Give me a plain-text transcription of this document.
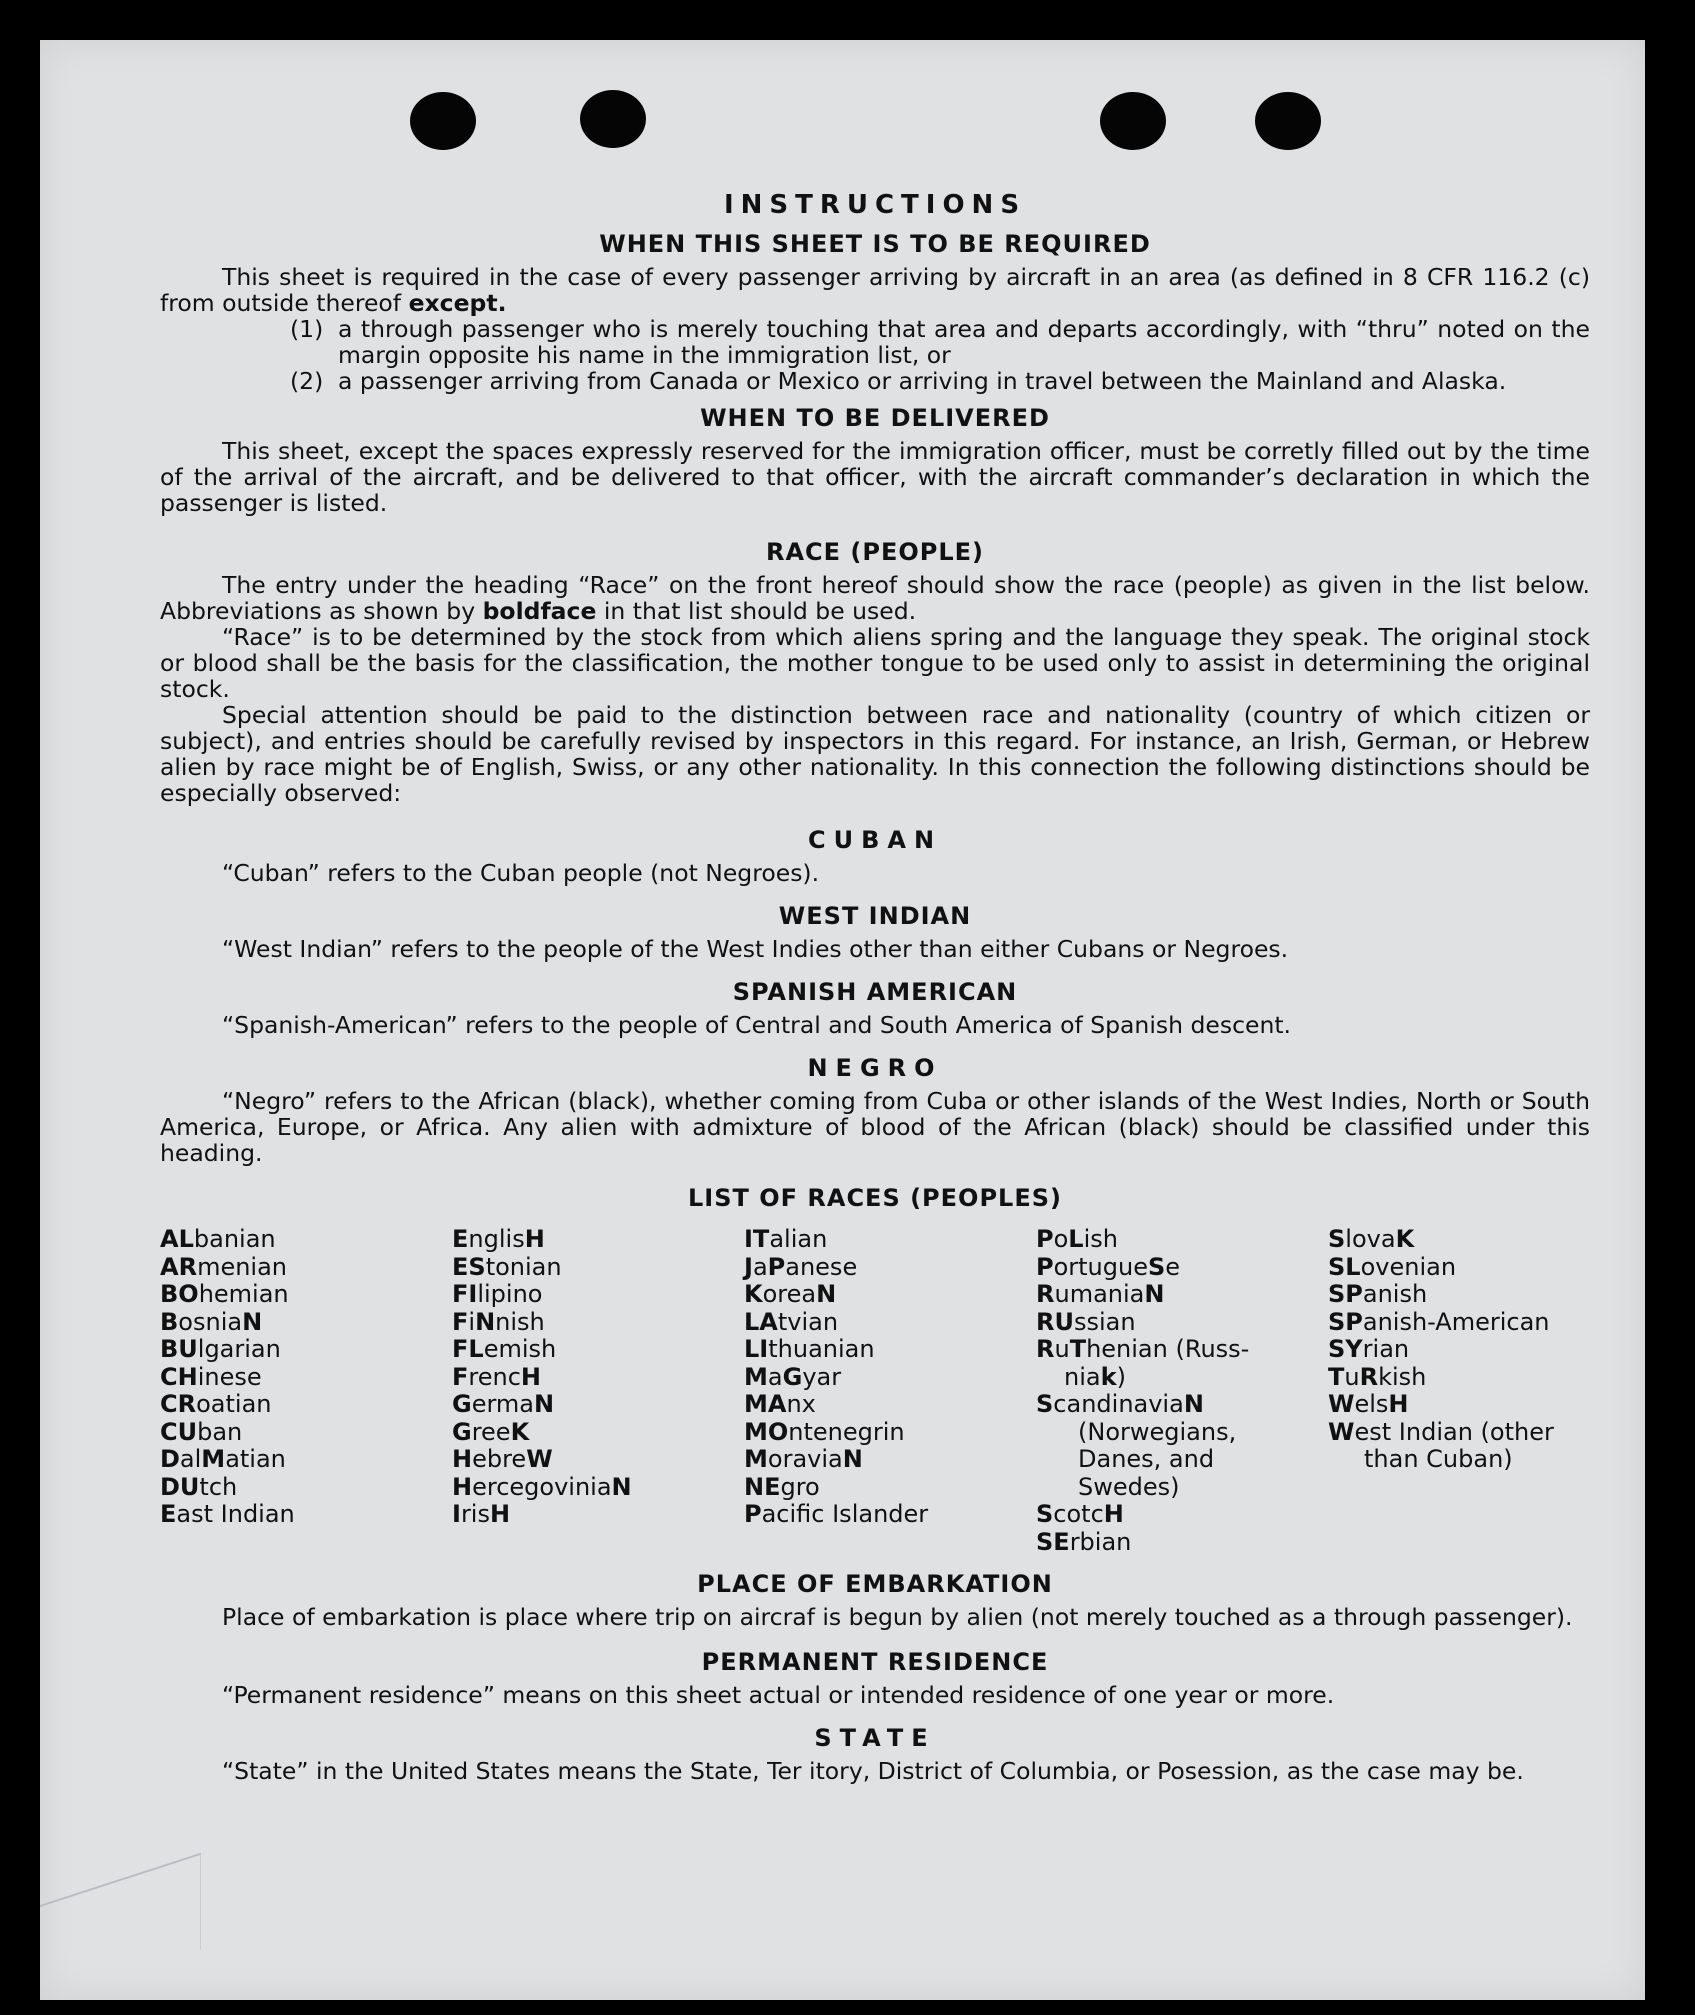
INSTRUCTIONS
WHEN THIS SHEET IS TO BE REQUIRED

This sheet is required in the case of every passenger arriving by aircraft in an area (as defined in 8 CFR 116.2 (c) from outside thereof except.

(1) a through passenger who is merely touching that area and departs accordingly, with “thru” noted on the margin opposite his name in the immigration list, or
(2) a passenger arriving from Canada or Mexico or arriving in travel between the Mainland and Alaska.
WHEN TO BE DELIVERED

This sheet, except the spaces expressly reserved for the immigration officer, must be corretly filled out by the time of the arrival of the aircraft, and be delivered to that officer, with the aircraft commander’s declaration in which the passenger is listed.

RACE (PEOPLE)

The entry under the heading “Race” on the front hereof should show the race (people) as given in the list below. Abbreviations as shown by boldface in that list should be used.

“Race” is to be determined by the stock from which aliens spring and the language they speak. The original stock or blood shall be the basis for the classification, the mother tongue to be used only to assist in determining the original stock.

Special attention should be paid to the distinction between race and nationality (country of which citizen or subject), and entries should be carefully revised by inspectors in this regard. For instance, an Irish, German, or Hebrew alien by race might be of English, Swiss, or any other nationality. In this connection the following distinctions should be especially observed:

CUBAN

“Cuban” refers to the Cuban people (not Negroes).

WEST INDIAN

“West Indian” refers to the people of the West Indies other than either Cubans or Negroes.

SPANISH AMERICAN

“Spanish-American” refers to the people of Central and South America of Spanish descent.

NEGRO

“Negro” refers to the African (black), whether coming from Cuba or other islands of the West Indies, North or South America, Europe, or Africa. Any alien with admixture of blood of the African (black) should be classified under this heading.

LIST OF RACES (PEOPLES)
ALbanian
ARmenian
BOhemian
BosniaN
BUlgarian
CHinese
CRoatian
CUban
DalMatian
DUtch
East Indian
EnglisH
EStonian
FIlipino
FiNnish
FLemish
FrencH
GermaN
GreeK
HebreW
HercegoviniaN
IrisH
ITalian
JaPanese
KoreaN
LAtvian
LIthuanian
MaGyar
MAnx
MOntenegrin
MoraviaN
NEgro
Pacific Islander
PoLish
PortugueSe
RumaniaN
RUssian
RuThenian (Russ-
niak)
ScandinaviaN
(Norwegians,
Danes, and
Swedes)
ScotcH
SErbian
SlovaK
SLovenian
SPanish
SPanish-American
SYrian
TuRkish
WelsH
West Indian (other
than Cuban)
PLACE OF EMBARKATION

Place of embarkation is place where trip on aircraf is begun by alien (not merely touched as a through passenger).

PERMANENT RESIDENCE

“Permanent residence” means on this sheet actual or intended residence of one year or more.

STATE

“State” in the United States means the State, Ter itory, District of Columbia, or Posession, as the case may be.
